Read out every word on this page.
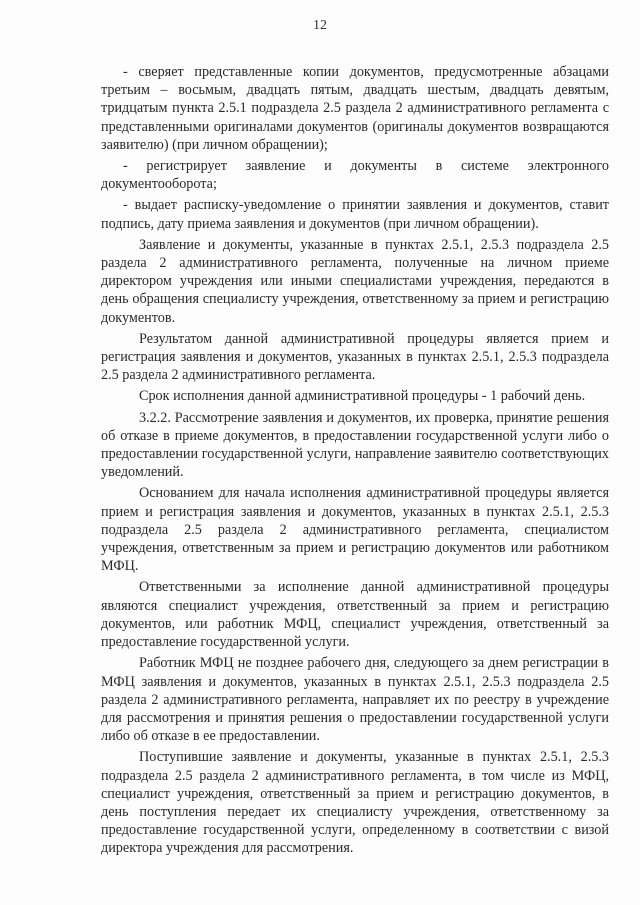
12

- сверяет представленные копии документов, предусмотренные абзацами третьим – восьмым, двадцать пятым, двадцать шестым, двадцать девятым, тридцатым пункта 2.5.1 подраздела 2.5 раздела 2 административного регламента с представленными оригиналами документов (оригиналы документов возвращаются заявителю) (при личном обращении);

- регистрирует заявление и документы в системе электронного документооборота;

- выдает расписку-уведомление о принятии заявления и документов, ставит подпись, дату приема заявления и документов (при личном обращении).

Заявление и документы, указанные в пунктах 2.5.1, 2.5.3 подраздела 2.5 раздела 2 административного регламента, полученные на личном приеме директором учреждения или иными специалистами учреждения, передаются в день обращения специалисту учреждения, ответственному за прием и регистрацию документов.

Результатом данной административной процедуры является прием и регистрация заявления и документов, указанных в пунктах 2.5.1, 2.5.3 подраздела 2.5 раздела 2 административного регламента.

Срок исполнения данной административной процедуры - 1 рабочий день.

3.2.2. Рассмотрение заявления и документов, их проверка, принятие решения об отказе в приеме документов, в предоставлении государственной услуги либо о предоставлении государственной услуги, направление заявителю соответствующих уведомлений.

Основанием для начала исполнения административной процедуры является прием и регистрация заявления и документов, указанных в пунктах 2.5.1, 2.5.3 подраздела 2.5 раздела 2 административного регламента, специалистом учреждения, ответственным за прием и регистрацию документов или работником МФЦ.

Ответственными за исполнение данной административной процедуры являются специалист учреждения, ответственный за прием и регистрацию документов, или работник МФЦ, специалист учреждения, ответственный за предоставление государственной услуги.

Работник МФЦ не позднее рабочего дня, следующего за днем регистрации в МФЦ заявления и документов, указанных в пунктах 2.5.1, 2.5.3 подраздела 2.5 раздела 2 административного регламента, направляет их по реестру в учреждение для рассмотрения и принятия решения о предоставлении государственной услуги либо об отказе в ее предоставлении.

Поступившие заявление и документы, указанные в пунктах 2.5.1, 2.5.3 подраздела 2.5 раздела 2 административного регламента, в том числе из МФЦ, специалист учреждения, ответственный за прием и регистрацию документов, в день поступления передает их специалисту учреждения, ответственному за предоставление государственной услуги, определенному в соответствии с визой директора учреждения для рассмотрения.
